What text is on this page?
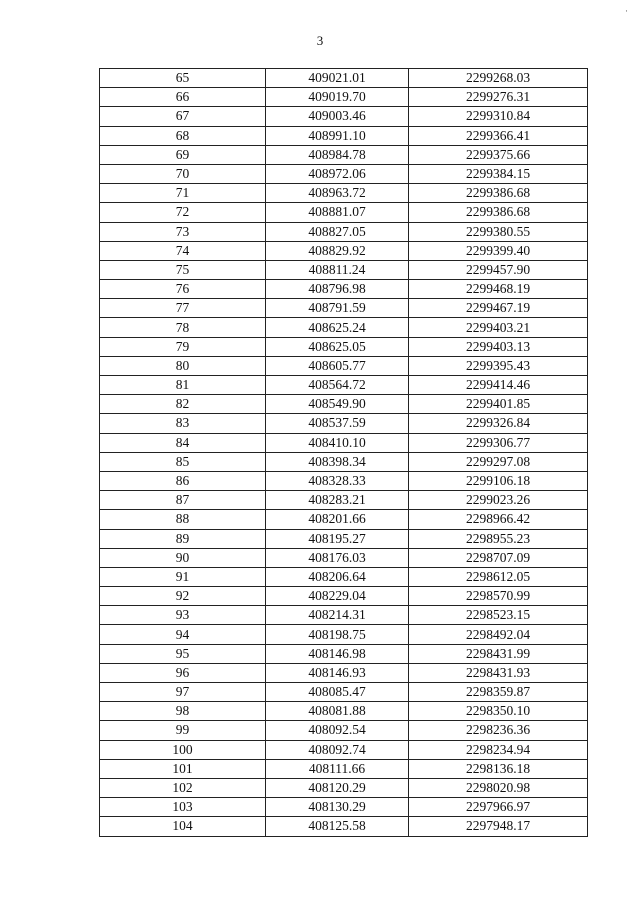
·
3
65	409021.01	2299268.03
66	409019.70	2299276.31
67	409003.46	2299310.84
68	408991.10	2299366.41
69	408984.78	2299375.66
70	408972.06	2299384.15
71	408963.72	2299386.68
72	408881.07	2299386.68
73	408827.05	2299380.55
74	408829.92	2299399.40
75	408811.24	2299457.90
76	408796.98	2299468.19
77	408791.59	2299467.19
78	408625.24	2299403.21
79	408625.05	2299403.13
80	408605.77	2299395.43
81	408564.72	2299414.46
82	408549.90	2299401.85
83	408537.59	2299326.84
84	408410.10	2299306.77
85	408398.34	2299297.08
86	408328.33	2299106.18
87	408283.21	2299023.26
88	408201.66	2298966.42
89	408195.27	2298955.23
90	408176.03	2298707.09
91	408206.64	2298612.05
92	408229.04	2298570.99
93	408214.31	2298523.15
94	408198.75	2298492.04
95	408146.98	2298431.99
96	408146.93	2298431.93
97	408085.47	2298359.87
98	408081.88	2298350.10
99	408092.54	2298236.36
100	408092.74	2298234.94
101	408111.66	2298136.18
102	408120.29	2298020.98
103	408130.29	2297966.97
104	408125.58	2297948.17
